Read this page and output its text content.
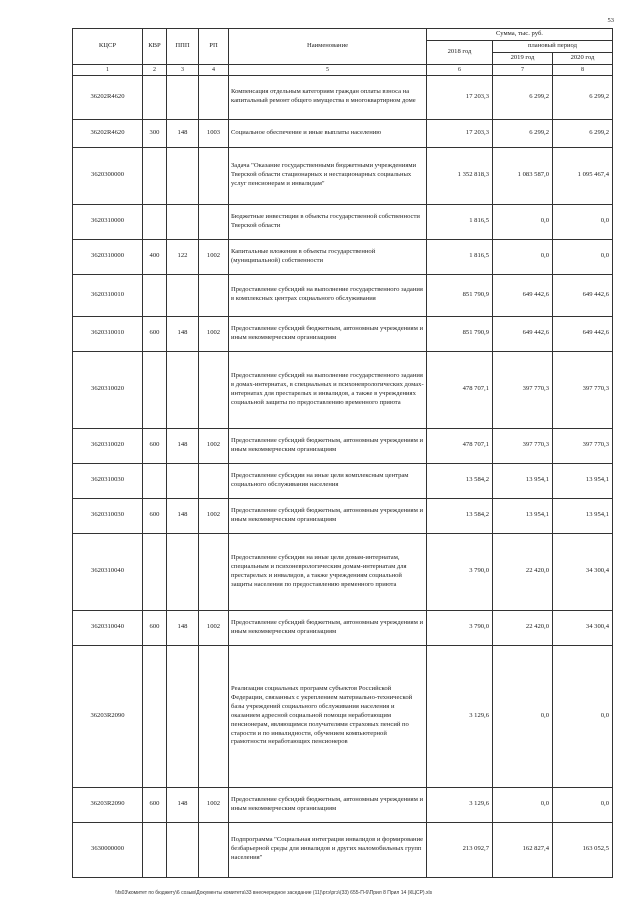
53
КЦСР	КВР	ППП	РП	Наименование	Сумма, тыс. руб.		
					2018 год	плановый период	
						2019 год	2020 год
1	2	3	4	5	6	7	8
36202R4620				Компенсация отдельным категориям граждан оплаты взноса на капитальный ремонт общего имущества в многоквартирном доме	17 203,3	6 299,2	6 299,2
36202R4620	300	148	1003	Социальное обеспечение и иные выплаты населению	17 203,3	6 299,2	6 299,2
3620300000				Задача "Оказание государственными бюджетными учреждениями Тверской области стационарных и нестационарных социальных услуг пенсионерам и инвалидам"	1 352 818,3	1 083 587,0	1 095 467,4
3620310000				Бюджетные инвестиции в объекты государственной собственности Тверской области	1 816,5	0,0	0,0
3620310000	400	122	1002	Капитальные вложения в объекты государственной (муниципальной) собственности	1 816,5	0,0	0,0
3620310010				Предоставление субсидий на выполнение государственного задания в комплексных центрах социального обслуживания	851 790,9	649 442,6	649 442,6
3620310010	600	148	1002	Предоставление субсидий бюджетным, автономным учреждениям и иным некоммерческим организациям	851 790,9	649 442,6	649 442,6
3620310020				Предоставление субсидий на выполнение государственного задания в домах-интернатах, в специальных и психоневрологических домах-интернатах для престарелых и инвалидов, а также в учреждениях социальной защиты по предоставлению временного приюта	478 707,1	397 770,3	397 770,3
3620310020	600	148	1002	Предоставление субсидий бюджетным, автономным учреждениям и иным некоммерческим организациям	478 707,1	397 770,3	397 770,3
3620310030				Предоставление субсидии на иные цели комплексным центрам социального обслуживания населения	13 584,2	13 954,1	13 954,1
3620310030	600	148	1002	Предоставление субсидий бюджетным, автономным учреждениям и иным некоммерческим организациям	13 584,2	13 954,1	13 954,1
3620310040				Предоставление субсидии на иные цели домам-интернатам, специальным и психоневрологическим домам-интернатам для престарелых и инвалидов, а также учреждениям социальной защиты населения по предоставлению временного приюта	3 790,0	22 420,0	34 300,4
3620310040	600	148	1002	Предоставление субсидий бюджетным, автономным учреждениям и иным некоммерческим организациям	3 790,0	22 420,0	34 300,4
36203R2090				Реализация социальных программ субъектов Российской Федерации, связанных с укреплением материально-технической базы учреждений социального обслуживания населения и оказанием адресной социальной помощи неработающим пенсионерам, являющимся получателями страховых пенсий по старости и по инвалидности, обучением компьютерной грамотности неработающих пенсионеров	3 129,6	0,0	0,0
36203R2090	600	148	1002	Предоставление субсидий бюджетным, автономным учреждениям и иным некоммерческим организациям	3 129,6	0,0	0,0
3630000000				Подпрограмма "Социальная интеграция инвалидов и формирование безбарьерной среды для инвалидов и других маломобильных групп населения"	213 092,7	162 827,4	163 052,5
\\fs03\комитет по бюджету\6 созыв\Документы комитета\33 внеочередное заседание (11)\ргэ\ргэ\(33) 655-П-6\Прил 8 Прил 14 (КЦСР).xls
